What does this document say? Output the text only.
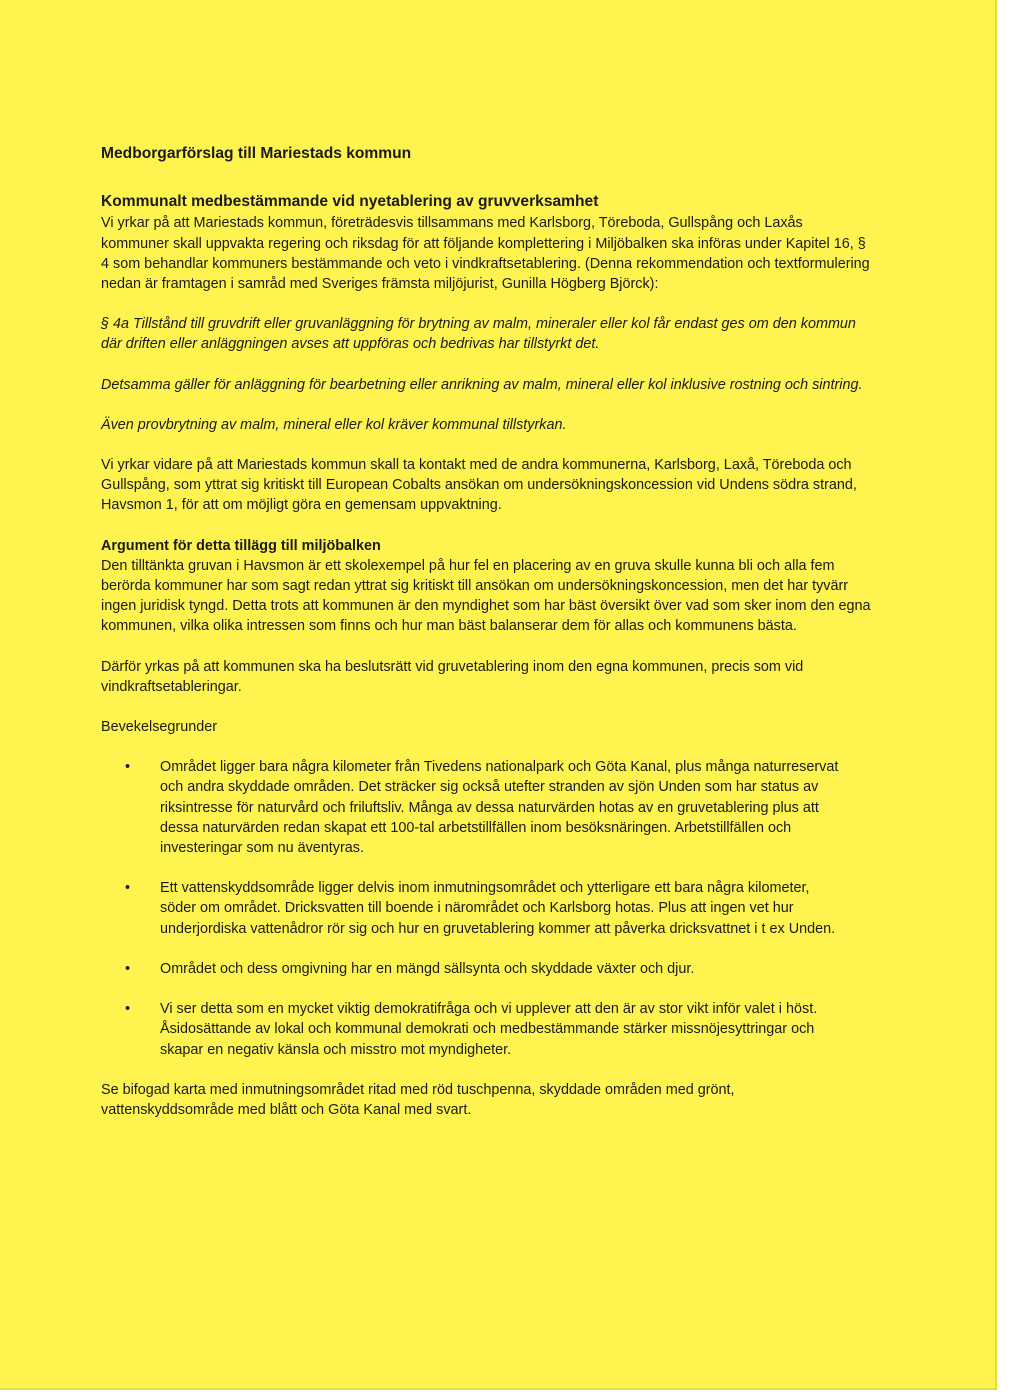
Medborgarförslag till Mariestads kommun
Kommunalt medbestämmande vid nyetablering av gruvverksamhet

Vi yrkar på att Mariestads kommun, företrädesvis tillsammans med Karlsborg, Töreboda, Gullspång och Laxås kommuner skall uppvakta regering och riksdag för att följande komplettering i Miljöbalken ska införas under Kapitel 16, § 4 som behandlar kommuners bestämmande och veto i vindkraftsetablering. (Denna rekommendation och textformulering nedan är framtagen i samråd med Sveriges främsta miljöjurist, Gunilla Högberg Björck):

§ 4a Tillstånd till gruvdrift eller gruvanläggning för brytning av malm, mineraler eller kol får endast ges om den kommun där driften eller anläggningen avses att uppföras och bedrivas har tillstyrkt det.

Detsamma gäller för anläggning för bearbetning eller anrikning av malm, mineral eller kol inklusive rostning och sintring.

Även provbrytning av malm, mineral eller kol kräver kommunal tillstyrkan.

Vi yrkar vidare på att Mariestads kommun skall ta kontakt med de andra kommunerna, Karlsborg, Laxå, Töreboda och Gullspång, som yttrat sig kritiskt till European Cobalts ansökan om undersökningskoncession vid Undens södra strand, Havsmon 1, för att om möjligt göra en gemensam uppvaktning.

Argument för detta tillägg till miljöbalken

Den tilltänkta gruvan i Havsmon är ett skolexempel på hur fel en placering av en gruva skulle kunna bli och alla fem berörda kommuner har som sagt redan yttrat sig kritiskt till ansökan om undersökningskoncession, men det har tyvärr ingen juridisk tyngd. Detta trots att kommunen är den myndighet som har bäst översikt över vad som sker inom den egna kommunen, vilka olika intressen som finns och hur man bäst balanserar dem för allas och kommunens bästa.

Därför yrkas på att kommunen ska ha beslutsrätt vid gruvetablering inom den egna kommunen, precis som vid vindkraftsetableringar.

Bevekelsegrunder

• Området ligger bara några kilometer från Tivedens nationalpark och Göta Kanal, plus många naturreservat och andra skyddade områden. Det sträcker sig också utefter stranden av sjön Unden som har status av riksintresse för naturvård och friluftsliv. Många av dessa naturvärden hotas av en gruvetablering plus att dessa naturvärden redan skapat ett 100-tal arbetstillfällen inom besöksnäringen. Arbetstillfällen och investeringar som nu äventyras.
• Ett vattenskyddsområde ligger delvis inom inmutningsområdet och ytterligare ett bara några kilometer, söder om området. Dricksvatten till boende i närområdet och Karlsborg hotas. Plus att ingen vet hur underjordiska vattenådror rör sig och hur en gruvetablering kommer att påverka dricksvattnet i t ex Unden.
• Området och dess omgivning har en mängd sällsynta och skyddade växter och djur.
• Vi ser detta som en mycket viktig demokratifråga och vi upplever att den är av stor vikt inför valet i höst. Åsidosättande av lokal och kommunal demokrati och medbestämmande stärker missnöjesyttringar och skapar en negativ känsla och misstro mot myndigheter.

Se bifogad karta med inmutningsområdet ritad med röd tuschpenna, skyddade områden med grönt, vattenskyddsområde med blått och Göta Kanal med svart.
